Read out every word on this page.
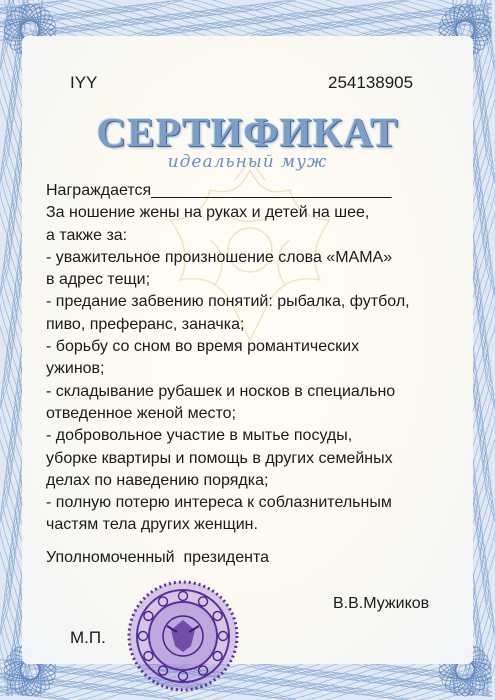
IYY	254138905
СЕРТИФИКАТ
идеальный муж
Награждается___________________________
За ношение жены на руках и детей на шее,
а также за:
- уважительное произношение слова «МАМА»
в адрес тещи;
- предание забвению понятий: рыбалка, футбол,
пиво, преферанс, заначка;
- борьбу со сном во время романтических
ужинов;
- складывание рубашек и носков в специально
отведенное женой место;
- добровольное участие в мытье посуды,
уборке квартиры и помощь в других семейных
делах по наведению порядка;
- полную потерю интереса к соблазнительным
частям тела других женщин.
Уполномоченный  президента
В.В.Мужиков
М.П.
